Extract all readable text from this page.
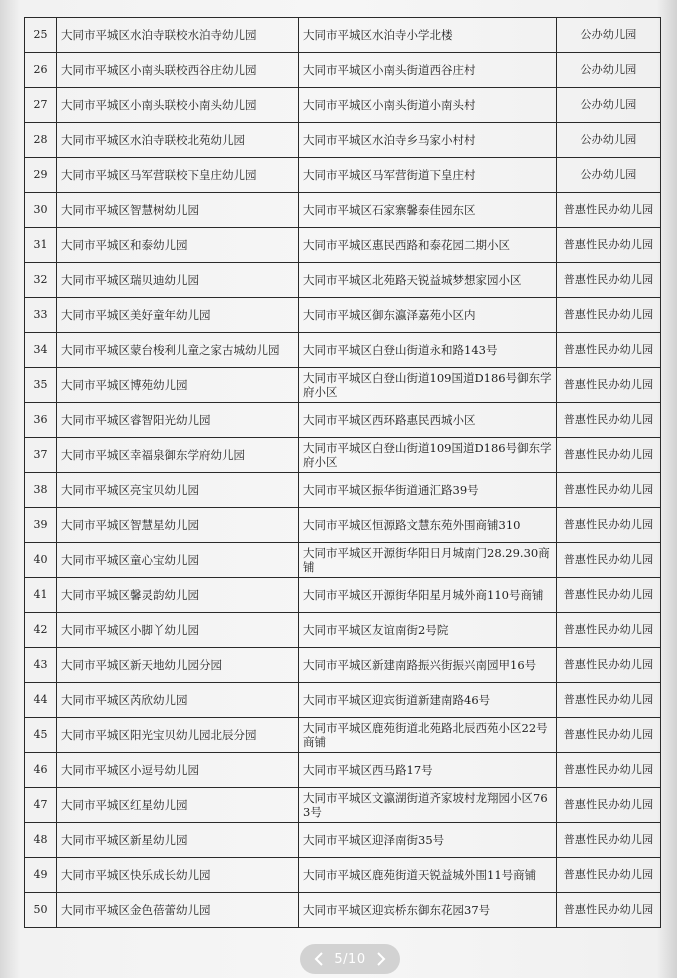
25	大同市平城区水泊寺联校水泊寺幼儿园	大同市平城区水泊寺小学北楼	公办幼儿园
26	大同市平城区小南头联校西谷庄幼儿园	大同市平城区小南头街道西谷庄村	公办幼儿园
27	大同市平城区小南头联校小南头幼儿园	大同市平城区小南头街道小南头村	公办幼儿园
28	大同市平城区水泊寺联校北苑幼儿园	大同市平城区水泊寺乡马家小村村	公办幼儿园
29	大同市平城区马军营联校下皇庄幼儿园	大同市平城区马军营街道下皇庄村	公办幼儿园
30	大同市平城区智慧树幼儿园	大同市平城区石家寨馨泰佳园东区	普惠性民办幼儿园
31	大同市平城区和泰幼儿园	大同市平城区惠民西路和泰花园二期小区	普惠性民办幼儿园
32	大同市平城区瑞贝迪幼儿园	大同市平城区北苑路天锐益城梦想家园小区	普惠性民办幼儿园
33	大同市平城区美好童年幼儿园	大同市平城区御东瀛泽嘉苑小区内	普惠性民办幼儿园
34	大同市平城区蒙台梭利儿童之家古城幼儿园	大同市平城区白登山街道永和路143号	普惠性民办幼儿园
35	大同市平城区博苑幼儿园	大同市平城区白登山街道109国道D186号御东学府小区	普惠性民办幼儿园
36	大同市平城区睿智阳光幼儿园	大同市平城区西环路惠民西城小区	普惠性民办幼儿园
37	大同市平城区幸福泉御东学府幼儿园	大同市平城区白登山街道109国道D186号御东学府小区	普惠性民办幼儿园
38	大同市平城区亮宝贝幼儿园	大同市平城区振华街道通汇路39号	普惠性民办幼儿园
39	大同市平城区智慧星幼儿园	大同市平城区恒源路文慧东苑外围商铺310	普惠性民办幼儿园
40	大同市平城区童心宝幼儿园	大同市平城区开源街华阳日月城南门28.29.30商铺	普惠性民办幼儿园
41	大同市平城区馨灵韵幼儿园	大同市平城区开源街华阳星月城外商110号商铺	普惠性民办幼儿园
42	大同市平城区小脚丫幼儿园	大同市平城区友谊南街2号院	普惠性民办幼儿园
43	大同市平城区新天地幼儿园分园	大同市平城区新建南路振兴街振兴南园甲16号	普惠性民办幼儿园
44	大同市平城区芮欣幼儿园	大同市平城区迎宾街道新建南路46号	普惠性民办幼儿园
45	大同市平城区阳光宝贝幼儿园北辰分园	大同市平城区鹿苑街道北苑路北辰西苑小区22号商铺	普惠性民办幼儿园
46	大同市平城区小逗号幼儿园	大同市平城区西马路17号	普惠性民办幼儿园
47	大同市平城区红星幼儿园	大同市平城区文瀛湖街道齐家坡村龙翔园小区763号	普惠性民办幼儿园
48	大同市平城区新星幼儿园	大同市平城区迎泽南街35号	普惠性民办幼儿园
49	大同市平城区快乐成长幼儿园	大同市平城区鹿苑街道天锐益城外围11号商铺	普惠性民办幼儿园
50	大同市平城区金色蓓蕾幼儿园	大同市平城区迎宾桥东御东花园37号	普惠性民办幼儿园
5/10
